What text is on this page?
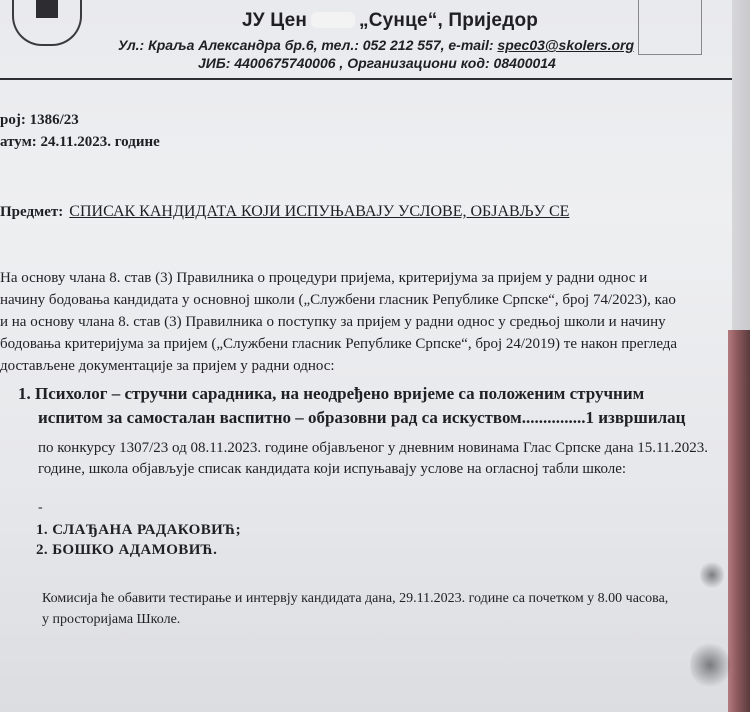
ЈУ Цен	„Сунце“, Приједор
Ул.: Краља Александра бр.6, тел.: 052 212 557, e-mail: spec03@skolers.org
ЈИБ: 4400675740006 , Организациони код: 08400014
рој: 1386/23
атум: 24.11.2023. године
Предмет: СПИСАК КАНДИДАТА КОЈИ ИСПУЊАВАЈУ УСЛОВЕ, ОБЈАВЉУ СЕ
На основу члана 8. став (3) Правилника о процедури пријема, критеријума за пријем у радни однос и
начину бодовања кандидата у основној школи („Службени гласник Републике Српске“, број 74/2023), као
и на основу члана 8. став (3) Правилника о поступку за пријем у радни однос у средњој школи и начину
бодовања критеријума за пријем („Службени гласник Републике Српске“, број 24/2019) те након прегледа
достављене документације за пријем у радни однос:
1. Психолог – стручни сарадника, на неодређено вријеме са положеним стручним
испитом за самосталан васпитно – образовни рад са искуством...............1 извршилац
по конкурсу 1307/23 од 08.11.2023. године објављеног у дневним новинама Глас Српске дана 15.11.2023.
године, школа објављује списак кандидата који испуњавају услове на огласној табли школе:
-
1. СЛАЂАНА РАДАКОВИЋ;
2. БОШКО АДАМОВИЋ.
Комисија ће обавити тестирање и интервју кандидата дана, 29.11.2023. године са почетком у 8.00 часова,
у просторијама Школе.
